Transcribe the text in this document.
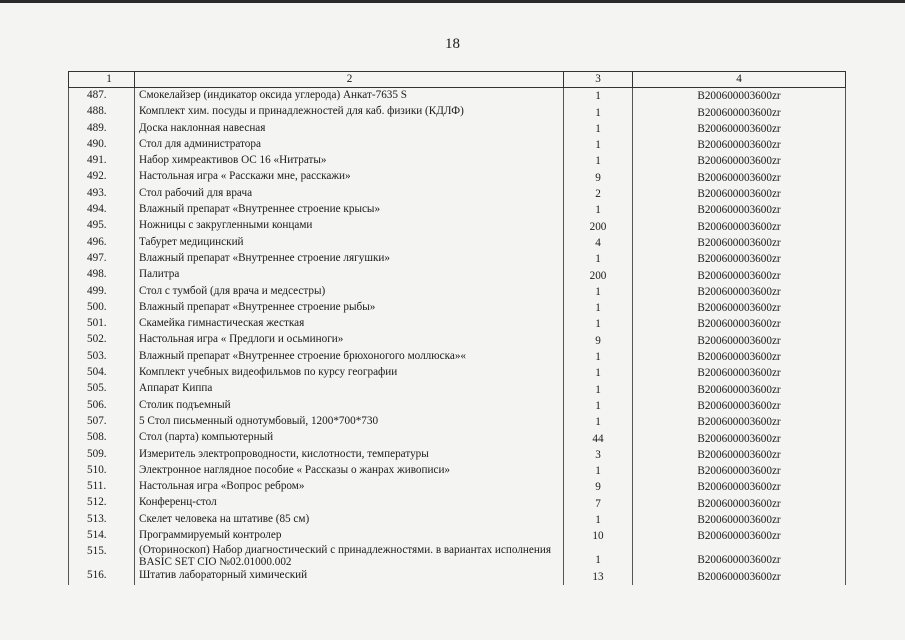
18
1	2	3	4
487.	Смокелайзер (индикатор оксида углерода) Анкат-7635 S	1	B200600003600zr
488.	Комплект хим. посуды и принадлежностей для каб. физики (КДЛФ)	1	B200600003600zr
489.	Доска наклонная навесная	1	B200600003600zr
490.	Стол для администратора	1	B200600003600zr
491.	Набор химреактивов ОС 16 «Нитраты»	1	B200600003600zr
492.	Настольная игра « Расскажи мне, расскажи»	9	B200600003600zr
493.	Стол рабочий для врача	2	B200600003600zr
494.	Влажный препарат «Внутреннее строение крысы»	1	B200600003600zr
495.	Ножницы с закругленными концами	200	B200600003600zr
496.	Табурет медицинский	4	B200600003600zr
497.	Влажный препарат «Внутреннее строение лягушки»	1	B200600003600zr
498.	Палитра	200	B200600003600zr
499.	Стол с тумбой (для врача и медсестры)	1	B200600003600zr
500.	Влажный препарат «Внутреннее строение рыбы»	1	B200600003600zr
501.	Скамейка гимнастическая жесткая	1	B200600003600zr
502.	Настольная игра « Предлоги и осьминоги»	9	B200600003600zr
503.	Влажный препарат «Внутреннее строение брюхоногого моллюска»«	1	B200600003600zr
504.	Комплект учебных видеофильмов по курсу географии	1	B200600003600zr
505.	Аппарат Киппа	1	B200600003600zr
506.	Столик подъемный	1	B200600003600zr
507.	5 Стол письменный однотумбовый, 1200*700*730	1	B200600003600zr
508.	Стол (парта) компьютерный	44	B200600003600zr
509.	Измеритель электропроводности, кислотности, температуры	3	B200600003600zr
510.	Электронное наглядное пособие « Рассказы о жанрах живописи»	1	B200600003600zr
511.	Настольная игра «Вопрос ребром»	9	B200600003600zr
512.	Конференц-стол	7	B200600003600zr
513.	Скелет человека на штативе (85 см)	1	B200600003600zr
514.	Программируемый контролер	10	B200600003600zr
515.	(Оториноскоп) Набор диагностический с принадлежностями. в вариантах исполнения BASIC SET CIO №02.01000.002	1	B200600003600zr
516.	Штатив лабораторный химический	13	B200600003600zr
